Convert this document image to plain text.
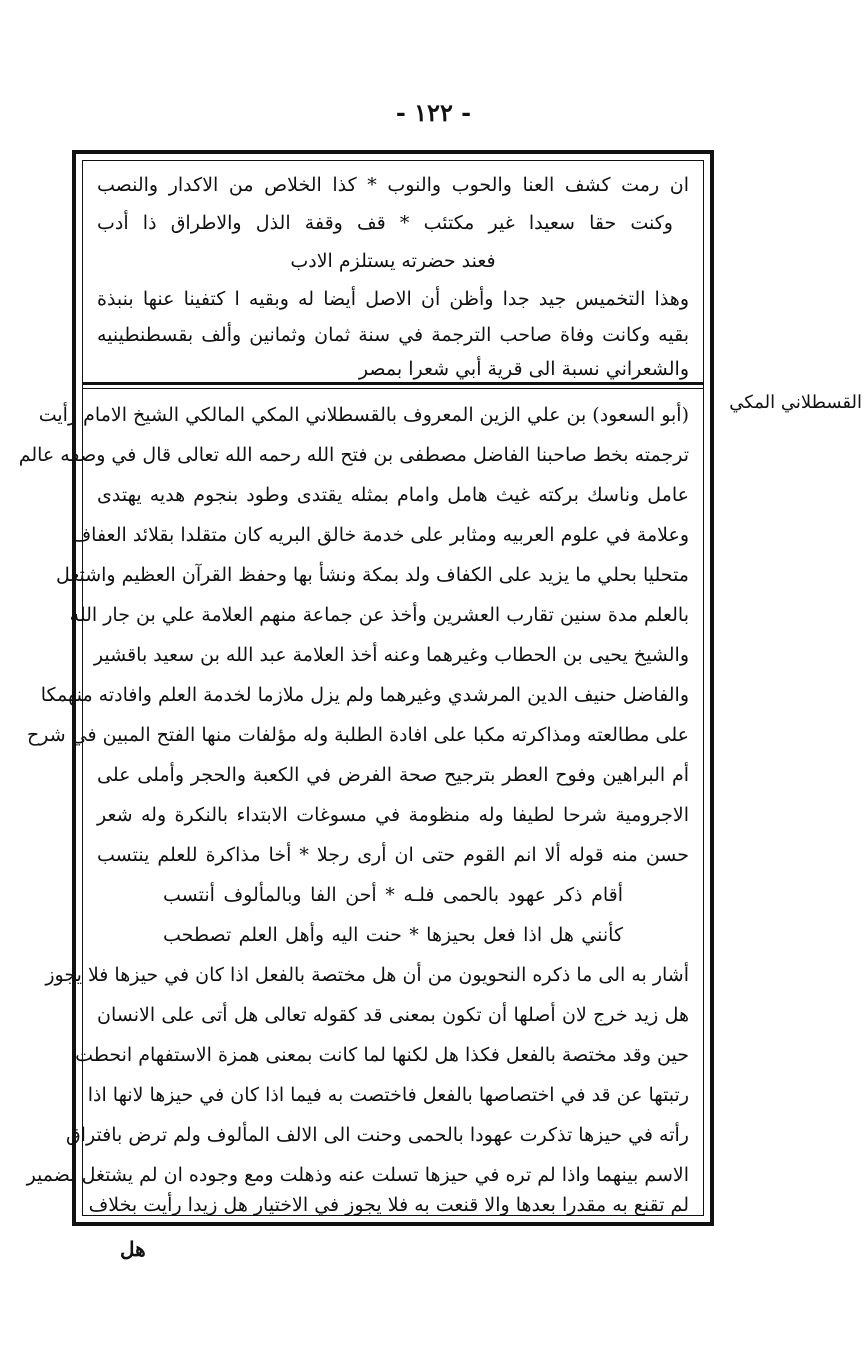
- ١٢٢ -
القسطلاني المكي
ان رمت كشف العنا والحوب والنوب * كذا الخلاص من الاكدار والنصب
وكنت حقا سعيدا غير مكتئب * قف وقفة الذل والاطراق ذا أدب
فعند حضرته يستلزم الادب
وهذا التخميس جيد جدا وأظن أن الاصل أيضا له وبقيه ا كتفينا عنها بنبذة
بقيه وكانت وفاة صاحب الترجمة في سنة ثمان وثمانين وألف بقسطنطينيه
والشعراني نسبة الى قرية أبي شعرا بمصر
(أبو السعود) بن علي الزين المعروف بالقسطلاني المكي المالكي الشيخ الامام رأيت
ترجمته بخط صاحبنا الفاضل مصطفى بن فتح الله رحمه الله تعالى قال في وصفه عالم
عامل وناسك بركته غيث هامل وامام بمثله يقتدى وطود بنجوم هديه يهتدى
وعلامة في علوم العربيه ومثابر على خدمة خالق البريه كان متقلدا بقلائد العفاف
متحليا بحلي ما يزيد على الكفاف ولد بمكة ونشأ بها وحفظ القرآن العظيم واشتغل
بالعلم مدة سنين تقارب العشرين وأخذ عن جماعة منهم العلامة علي بن جار الله
والشيخ يحيى بن الحطاب وغيرهما وعنه أخذ العلامة عبد الله بن سعيد باقشير
والفاضل حنيف الدين المرشدي وغيرهما ولم يزل ملازما لخدمة العلم وافادته منهمكا
على مطالعته ومذاكرته مكبا على افادة الطلبة وله مؤلفات منها الفتح المبين في شرح
أم البراهين وفوح العطر بترجيح صحة الفرض في الكعبة والحجر وأملى على
الاجرومية شرحا لطيفا وله منظومة في مسوغات الابتداء بالنكرة وله شعر
حسن منه قوله ألا انم القوم حتى ان أرى رجلا * أخا مذاكرة للعلم ينتسب
أقام ذكر عهود بالحمى فلـه * أحن الفا وبالمألوف أنتسب
كأنني هل اذا فعل بحيزها * حنت اليه وأهل العلم تصطحب
أشار به الى ما ذكره النحويون من أن هل مختصة بالفعل اذا كان في حيزها فلا يجوز
هل زيد خرج لان أصلها أن تكون بمعنى قد كقوله تعالى هل أتى على الانسان
حين وقد مختصة بالفعل فكذا هل لكنها لما كانت بمعنى همزة الاستفهام انحطت
رتبتها عن قد في اختصاصها بالفعل فاختصت به فيما اذا كان في حيزها لانها اذا
رأته في حيزها تذكرت عهودا بالحمى وحنت الى الالف المألوف ولم ترض بافتراق
الاسم بينهما واذا لم تره في حيزها تسلت عنه وذهلت ومع وجوده ان لم يشتغل بضمير
لم تقنع به مقدرا بعدها والا قنعت به فلا يجوز في الاختيار هل زيدا رأيت بخلاف
هل
